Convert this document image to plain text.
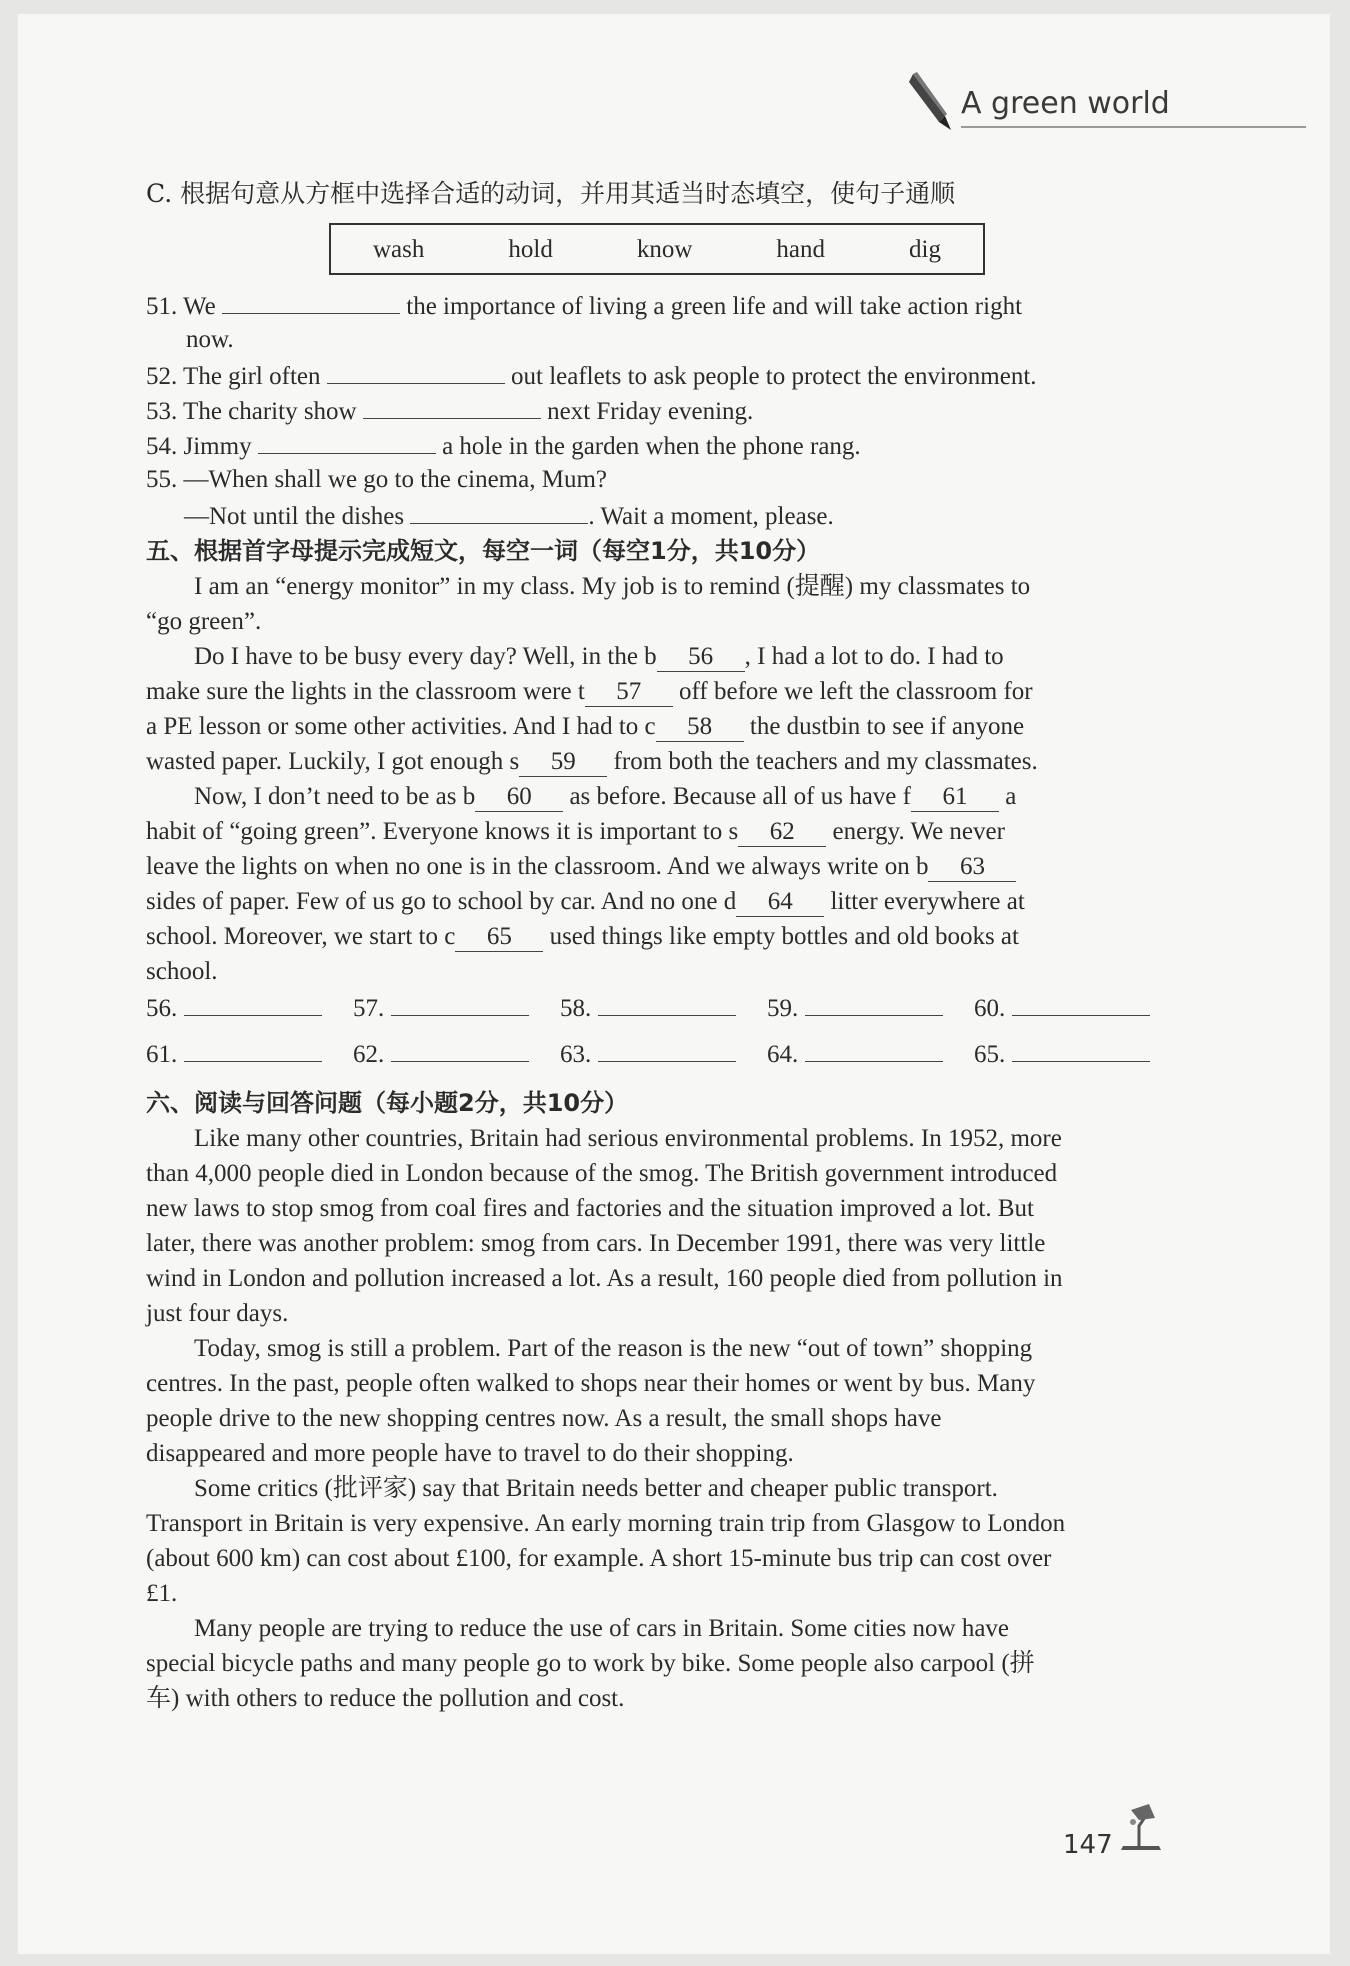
A green world
C. 根据句意从方框中选择合适的动词，并用其适当时态填空，使句子通顺
wash	hold	know	hand	dig
51. We	the importance of living a green life and will take action right
now.
52. The girl often	out leaflets to ask people to protect the environment.
53. The charity show	next Friday evening.
54. Jimmy	a hole in the garden when the phone rang.
55. —When shall we go to the cinema, Mum?
—Not until the dishes	. Wait a moment, please.
五、根据首字母提示完成短文，每空一词（每空1分，共10分）
I am an “energy monitor” in my class. My job is to remind (提醒) my classmates to
“go green”.
Do I have to be busy every day? Well, in the b 56 , I had a lot to do. I had to
make sure the lights in the classroom were t 57 off before we left the classroom for
a PE lesson or some other activities. And I had to c 58 the dustbin to see if anyone
wasted paper. Luckily, I got enough s 59 from both the teachers and my classmates.
Now, I don’t need to be as b 60 as before. Because all of us have f 61 a
habit of “going green”. Everyone knows it is important to s 62 energy. We never
leave the lights on when no one is in the classroom. And we always write on b 63
sides of paper. Few of us go to school by car. And no one d 64 litter everywhere at
school. Moreover, we start to c 65 used things like empty bottles and old books at
school.
56.	57.	58.	59.	60.
61.	62.	63.	64.	65.
六、阅读与回答问题（每小题2分，共10分）
Like many other countries, Britain had serious environmental problems. In 1952, more
than 4,000 people died in London because of the smog. The British government introduced
new laws to stop smog from coal fires and factories and the situation improved a lot. But
later, there was another problem: smog from cars. In December 1991, there was very little
wind in London and pollution increased a lot. As a result, 160 people died from pollution in
just four days.
Today, smog is still a problem. Part of the reason is the new “out of town” shopping
centres. In the past, people often walked to shops near their homes or went by bus. Many
people drive to the new shopping centres now. As a result, the small shops have
disappeared and more people have to travel to do their shopping.
Some critics (批评家) say that Britain needs better and cheaper public transport.
Transport in Britain is very expensive. An early morning train trip from Glasgow to London
(about 600 km) can cost about £100, for example. A short 15-minute bus trip can cost over
£1.
Many people are trying to reduce the use of cars in Britain. Some cities now have
special bicycle paths and many people go to work by bike. Some people also carpool (拼
车) with others to reduce the pollution and cost.
147
